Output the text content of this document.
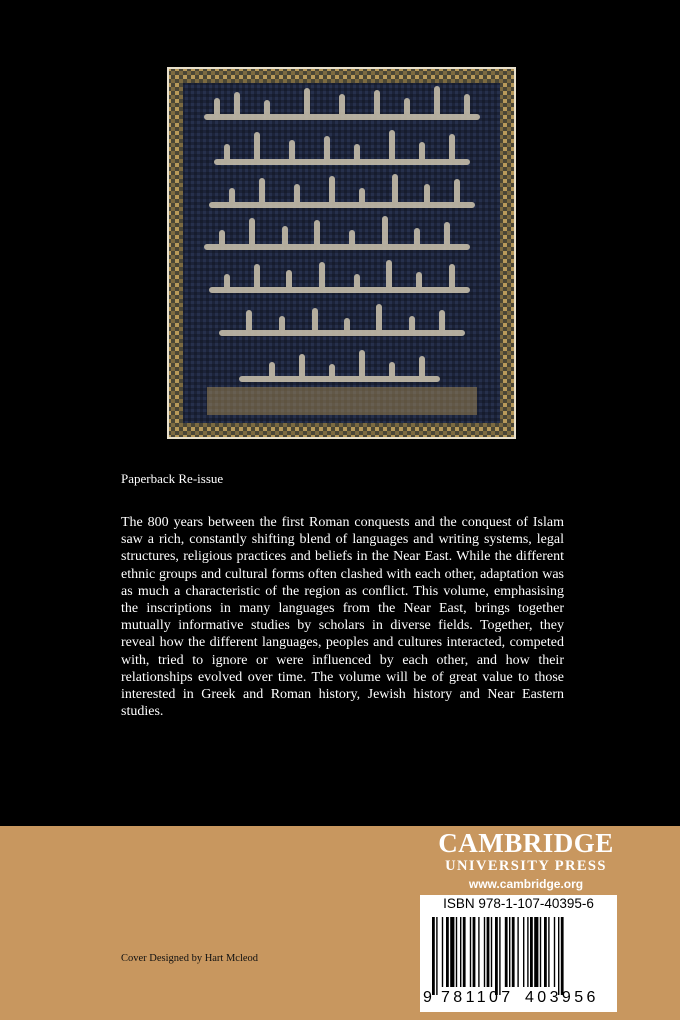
Paperback Re-issue

The 800 years between the first Roman conquests and the conquest of Islam saw a rich, constantly shifting blend of languages and writing systems, legal structures, religious practices and beliefs in the Near East. While the different ethnic groups and cultural forms often clashed with each other, adaptation was as much a characteristic of the region as conflict. This volume, emphasising the inscriptions in many languages from the Near East, brings together mutually informative studies by scholars in diverse fields. Together, they reveal how the different languages, peoples and cultures interacted, competed with, tried to ignore or were influenced by each other, and how their relationships evolved over time. The volume will be of great value to those interested in Greek and Roman history, Jewish history and Near Eastern studies.

Cover Designed by Hart Mcleod
CAMBRIDGE
UNIVERSITY PRESS
www.cambridge.org
ISBN 978-1-107-40395-6
9 781107 403956
